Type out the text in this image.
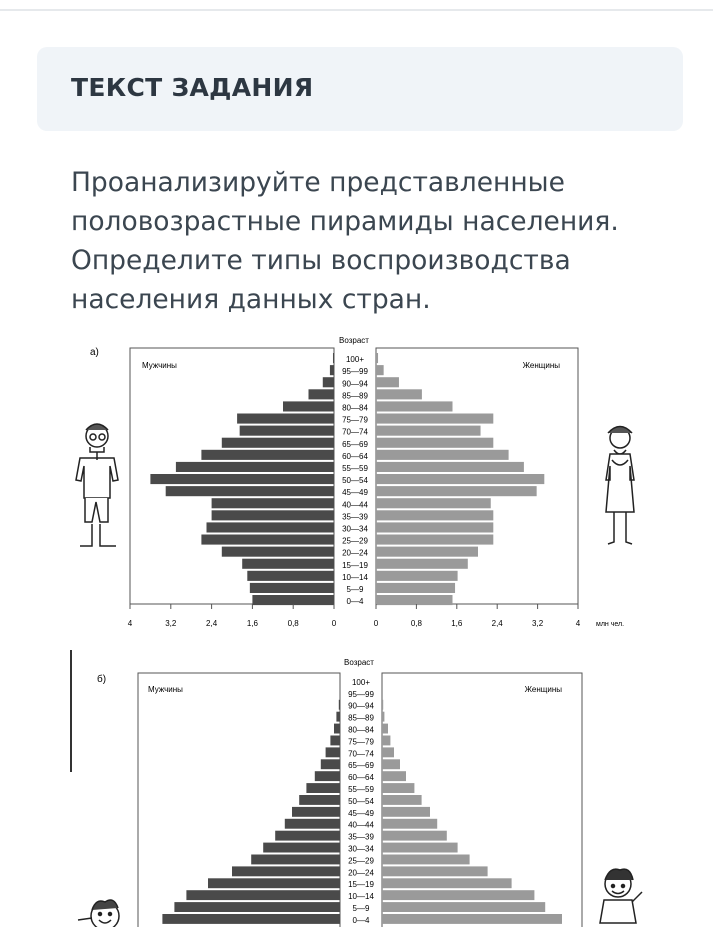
ТЕКСТ ЗАДАНИЯ
Проанализируйте представленные
половозрастные пирамиды населения.
Определите типы воспроизводства
населения данных стран.
а)
Возраст
Мужчины	Женщины
100+
95—99
90—94
85—89
80—84
75—79
70—74
65—69
60—64
55—59
50—54
45—49
40—44
35—39
30—34
25—29
20—24
15—19
10—14
5—9
0—4
4	3,2	2,4	1,6	0,8	0	0	0,8	1,6	2,4	3,2	4 млн чел.
б)
Возраст
Мужчины	Женщины
100+
95—99
90—94
85—89
80—84
75—79
70—74
65—69
60—64
55—59
50—54
45—49
40—44
35—39
30—34
25—29
20—24
15—19
10—14
5—9
0—4
